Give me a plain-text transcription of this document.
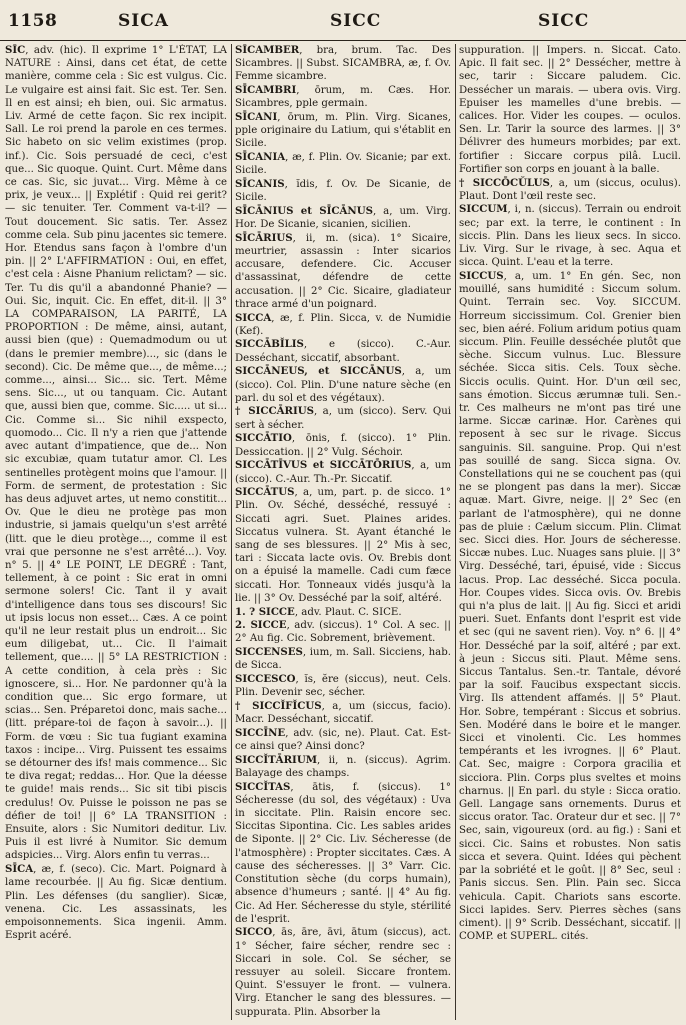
1158	SICA	SICC	SICC

SĪC, adv. (hic). Il exprime 1° L'ÉTAT, LA NATURE : Ainsi, dans cet état, de cette manière, comme cela : Sic est vulgus. Cic. Le vulgaire est ainsi fait. Sic est. Ter. Sen. Il en est ainsi; eh bien, oui. Sic armatus. Liv. Armé de cette façon. Sic rex incipit. Sall. Le roi prend la parole en ces termes. Sic habeto on sic velim existimes (prop. inf.). Cic. Sois persuadé de ceci, c'est que... Sic quoque. Quint. Curt. Même dans ce cas. Sic, sic juvat... Virg. Même à ce prix, je veux... || Explétif : Quid rei gerit? — sic tenuiter. Ter. Comment va-t-il? — Tout doucement. Sic satis. Ter. Assez comme cela. Sub pinu jacentes sic temere. Hor. Etendus sans façon à l'ombre d'un pin. || 2° L'AFFIRMATION : Oui, en effet, c'est cela : Aisne Phanium relictam? — sic. Ter. Tu dis qu'il a abandonné Phanie? — Oui. Sic, inquit. Cic. En effet, dit-il. || 3° LA COMPARAISON, LA PARITÉ, LA PROPORTION : De même, ainsi, autant, aussi bien (que) : Quemadmodum ou ut (dans le premier membre)..., sic (dans le second). Cic. De même que..., de même...; comme..., ainsi... Sic... sic. Tert. Même sens. Sic..., ut ou tanquam. Cic. Autant que, aussi bien que, comme. Sic..... ut si... Cic. Comme si... Sic nihil exspecto, quomodo... Cic. Il n'y a rien que j'attende avec autant d'impatience, que de... Non sic excubiæ, quam tutatur amor. Cl. Les sentinelles protègent moins que l'amour. || Form. de serment, de protestation : Sic has deus adjuvet artes, ut nemo constitit... Ov. Que le dieu ne protège pas mon industrie, si jamais quelqu'un s'est arrêté (litt. que le dieu protège..., comme il est vrai que personne ne s'est arrêté...). Voy. n° 5. || 4° LE POINT, LE DEGRÉ : Tant, tellement, à ce point : Sic erat in omni sermone solers! Cic. Tant il y avait d'intelligence dans tous ses discours! Sic ut ipsis locus non esset... Cæs. A ce point qu'il ne leur restait plus un endroit... Sic eum diligebat, ut... Cic. Il l'aimait tellement, que.... || 5° LA RESTRICTION : A cette condition, à cela près : Sic ignoscere, si... Hor. Ne pardonner qu'à la condition que... Sic ergo formare, ut scias... Sen. Préparetoi donc, mais sache... (litt. prépare-toi de façon à savoir...). || Form. de vœu : Sic tua fugiant examina taxos : incipe... Virg. Puissent tes essaims se détourner des ifs! mais commence... Sic te diva regat; reddas... Hor. Que la déesse te guide! mais rends... Sic sit tibi piscis credulus! Ov. Puisse le poisson ne pas se défier de toi! || 6° LA TRANSITION : Ensuite, alors : Sic Numitori deditur. Liv. Puis il est livré à Numitor. Sic demum adspicies... Virg. Alors enfin tu verras...

SĪCA, æ, f. (seco). Cic. Mart. Poignard à lame recourbée. || Au fig. Sicæ dentium. Plin. Les défenses (du sanglier). Sicæ, venena. Cic. Les assassinats, les empoisonnements. Sica ingenii. Amm. Esprit acéré.

SĪCAMBER, bra, brum. Tac. Des Sicambres. || Subst. SICAMBRA, æ, f. Ov. Femme sicambre.

SĪCAMBRI, ōrum, m. Cæs. Hor. Sicambres, pple germain.

SĪCANI, ōrum, m. Plin. Virg. Sicanes, pple originaire du Latium, qui s'établit en Sicile.

SĪCANIA, æ, f. Plin. Ov. Sicanie; par ext. Sicile.

SĪCANIS, ĭdis, f. Ov. De Sicanie, de Sicile.

SĪCĀNIUS et SĪCĀNUS, a, um. Virg. Hor. De Sicanie, sicanien, sicilien.

SĪCĀRIUS, ii, m. (sica). 1° Sicaire, meurtrier, assassin : Inter sicarios accusare, defendere. Cic. Accuser d'assassinat, défendre de cette accusation. || 2° Cic. Sicaire, gladiateur thrace armé d'un poignard.

SICCA, æ, f. Plin. Sicca, v. de Numidie (Kef).

SICCĀBĬLIS, e (sicco). C.-Aur. Desséchant, siccatif, absorbant.

SICCĀNEUS, et SICCĀNUS, a, um (sicco). Col. Plin. D'une nature sèche (en parl. du sol et des végétaux).

† SICCĀRIUS, a, um (sicco). Serv. Qui sert à sécher.

SICCĀTIO, ōnis, f. (sicco). 1° Plin. Dessiccation. || 2° Vulg. Séchoir.

SICCĀTĪVUS et SICCĀTŌRIUS, a, um (sicco). C.-Aur. Th.-Pr. Siccatif.

SICCĀTUS, a, um, part. p. de sicco. 1° Plin. Ov. Séché, desséché, ressuyé : Siccati agri. Suet. Plaines arides. Siccatus vulnera. St. Ayant étanché le sang de ses blessures. || 2° Mis à sec, tari : Siccata lacte ovis. Ov. Brebis dont on a épuisé la mamelle. Cadi cum fæce siccati. Hor. Tonneaux vidés jusqu'à la lie. || 3° Ov. Desséché par la soif, altéré.

1. ? SICCE, adv. Plaut. C. SICE.

2. SICCE, adv. (siccus). 1° Col. A sec. || 2° Au fig. Cic. Sobrement, brièvement.

SICCENSES, ium, m. Sall. Sicciens, hab. de Sicca.

SICCESCO, ĭs, ĕre (siccus), neut. Cels. Plin. Devenir sec, sécher.

† SICCĬFĬCUS, a, um (siccus, facio). Macr. Desséchant, siccatif.

SICCĪNE, adv. (sic, ne). Plaut. Cat. Est-ce ainsi que? Ainsi donc?

SICCĬTĀRIUM, ii, n. (siccus). Agrim. Balayage des champs.

SICCĬTAS, ātis, f. (siccus). 1° Sécheresse (du sol, des végétaux) : Uva in siccitate. Plin. Raisin encore sec. Siccitas Sipontina. Cic. Les sables arides de Siponte. || 2° Cic. Liv. Sécheresse (de l'atmosphère) : Propter siccitates. Cæs. A cause des sécheresses. || 3° Varr. Cic. Constitution sèche (du corps humain), absence d'humeurs ; santé. || 4° Au fig. Cic. Ad Her. Sécheresse du style, stérilité de l'esprit.

SICCO, ās, āre, āvi, ātum (siccus), act. 1° Sécher, faire sécher, rendre sec : Siccari in sole. Col. Se sécher, se ressuyer au soleil. Siccare frontem. Quint. S'essuyer le front. — vulnera. Virg. Etancher le sang des blessures. — suppurata. Plin. Absorber la

suppuration. || Impers. n. Siccat. Cato. Apic. Il fait sec. || 2° Dessécher, mettre à sec, tarir : Siccare paludem. Cic. Dessécher un marais. — ubera ovis. Virg. Epuiser les mamelles d'une brebis. — calices. Hor. Vider les coupes. — oculos. Sen. Lr. Tarir la source des larmes. || 3° Délivrer des humeurs morbides; par ext. fortifier : Siccare corpus pilâ. Lucil. Fortifier son corps en jouant à la balle.

† SICCŌCŬLUS, a, um (siccus, oculus). Plaut. Dont l'œil reste sec.

SICCUM, i, n. (siccus). Terrain ou endroit sec; par ext. la terre, le continent : In siccis. Plin. Dans les lieux secs. In sicco. Liv. Virg. Sur le rivage, à sec. Aqua et sicca. Quint. L'eau et la terre.

SICCUS, a, um. 1° En gén. Sec, non mouillé, sans humidité : Siccum solum. Quint. Terrain sec. Voy. SICCUM. Horreum siccissimum. Col. Grenier bien sec, bien aéré. Folium aridum potius quam siccum. Plin. Feuille desséchée plutôt que sèche. Siccum vulnus. Luc. Blessure séchée. Sicca sitis. Cels. Toux sèche. Siccis oculis. Quint. Hor. D'un œil sec, sans émotion. Siccus ærumnæ tuli. Sen.-tr. Ces malheurs ne m'ont pas tiré une larme. Siccæ carinæ. Hor. Carènes qui reposent à sec sur le rivage. Siccus sanguinis. Sil. sanguine. Prop. Qui n'est pas souillé de sang. Sicca signa. Ov. Constellations qui ne se couchent pas (qui ne se plongent pas dans la mer). Siccæ aquæ. Mart. Givre, neige. || 2° Sec (en parlant de l'atmosphère), qui ne donne pas de pluie : Cælum siccum. Plin. Climat sec. Sicci dies. Hor. Jours de sécheresse. Siccæ nubes. Luc. Nuages sans pluie. || 3° Virg. Desséché, tari, épuisé, vide : Siccus lacus. Prop. Lac desséché. Sicca pocula. Hor. Coupes vides. Sicca ovis. Ov. Brebis qui n'a plus de lait. || Au fig. Sicci et aridi pueri. Suet. Enfants dont l'esprit est vide et sec (qui ne savent rien). Voy. n° 6. || 4° Hor. Desséché par la soif, altéré ; par ext. à jeun : Siccus siti. Plaut. Même sens. Siccus Tantalus. Sen.-tr. Tantale, dévoré par la soif. Faucibus exspectant siccis. Virg. Ils attendent affamés. || 5° Plaut. Hor. Sobre, tempérant : Siccus et sobrius. Sen. Modéré dans le boire et le manger. Sicci et vinolenti. Cic. Les hommes tempérants et les ivrognes. || 6° Plaut. Cat. Sec, maigre : Corpora gracilia et sicciora. Plin. Corps plus sveltes et moins charnus. || En parl. du style : Sicca oratio. Gell. Langage sans ornements. Durus et siccus orator. Tac. Orateur dur et sec. || 7° Sec, sain, vigoureux (ord. au fig.) : Sani et sicci. Cic. Sains et robustes. Non satis sicca et severa. Quint. Idées qui pèchent par la sobriété et le goût. || 8° Sec, seul : Panis siccus. Sen. Plin. Pain sec. Sicca vehicula. Capit. Chariots sans escorte. Sicci lapides. Serv. Pierres sèches (sans ciment). || 9° Scrib. Desséchant, siccatif. || COMP. et SUPERL. cités.
